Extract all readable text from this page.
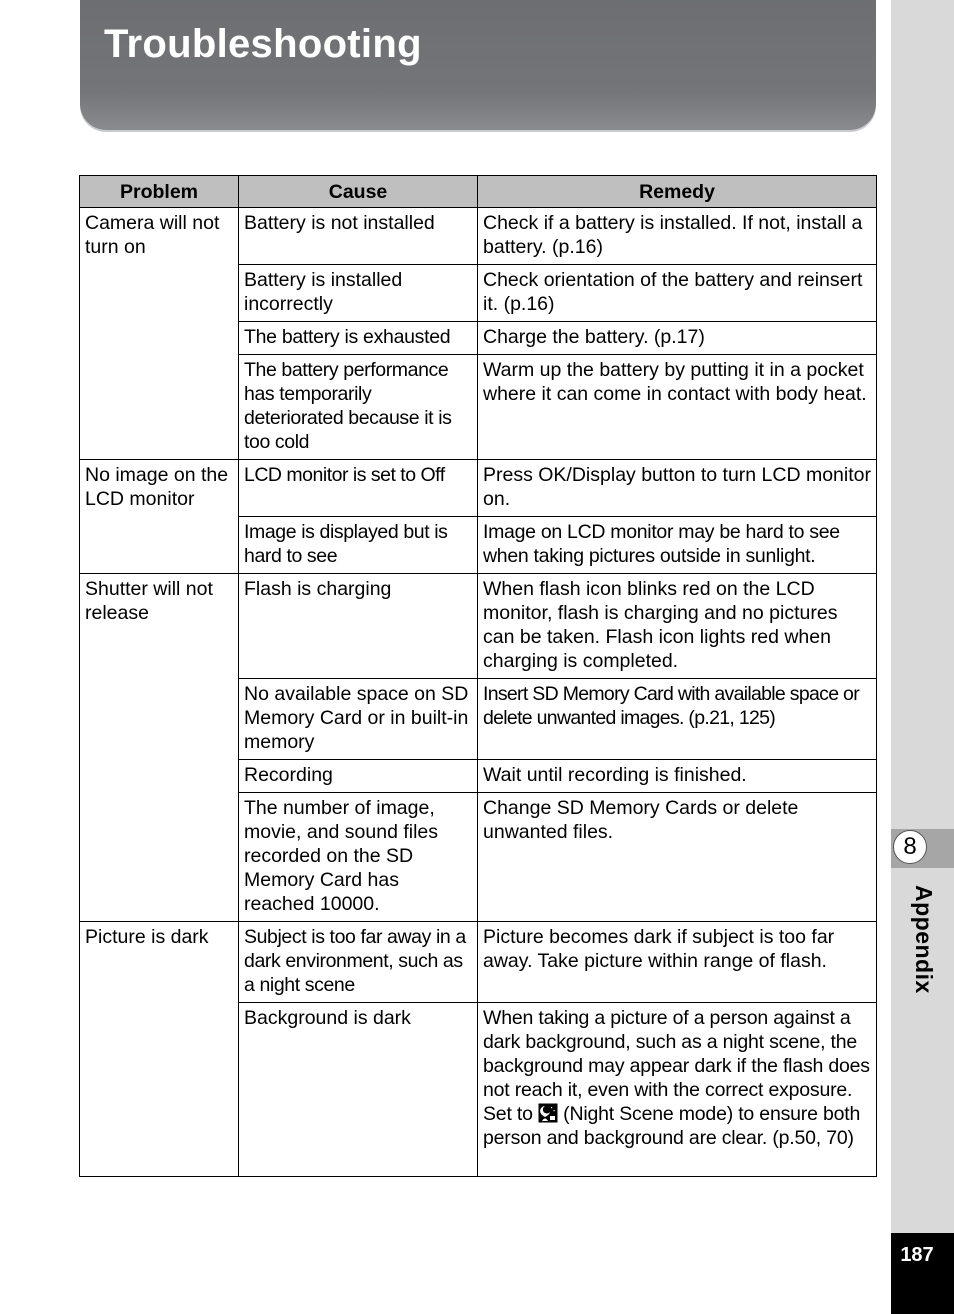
Troubleshooting
8
Appendix
187
Problem	Cause	Remedy
Camera will not turn on	Battery is not installed	Check if a battery is installed. If not, install a battery. (p.16)
	Battery is installed incorrectly	Check orientation of the battery and reinsert it. (p.16)
	The battery is exhausted	Charge the battery. (p.17)
	The battery performance has temporarily deteriorated because it is too cold	Warm up the battery by putting it in a pocket where it can come in contact with body heat.
No image on the LCD monitor	LCD monitor is set to Off	Press OK/Display button to turn LCD monitor on.
	Image is displayed but is hard to see	Image on LCD monitor may be hard to see when taking pictures outside in sunlight.
Shutter will not release	Flash is charging	When flash icon blinks red on the LCD monitor, flash is charging and no pictures can be taken. Flash icon lights red when charging is completed.
	No available space on SD Memory Card or in built-in memory	Insert SD Memory Card with available space or delete unwanted images. (p.21, 125)
	Recording	Wait until recording is finished.
	The number of image, movie, and sound files recorded on the SD Memory Card has reached 10000.	Change SD Memory Cards or delete unwanted files.
Picture is dark	Subject is too far away in a dark environment, such as a night scene	Picture becomes dark if subject is too far away. Take picture within range of flash.
	Background is dark	When taking a picture of a person against a dark background, such as a night scene, the background may appear dark if the flash does not reach it, even with the correct exposure. Set to  (Night Scene mode) to ensure both person and background are clear. (p.50, 70)
